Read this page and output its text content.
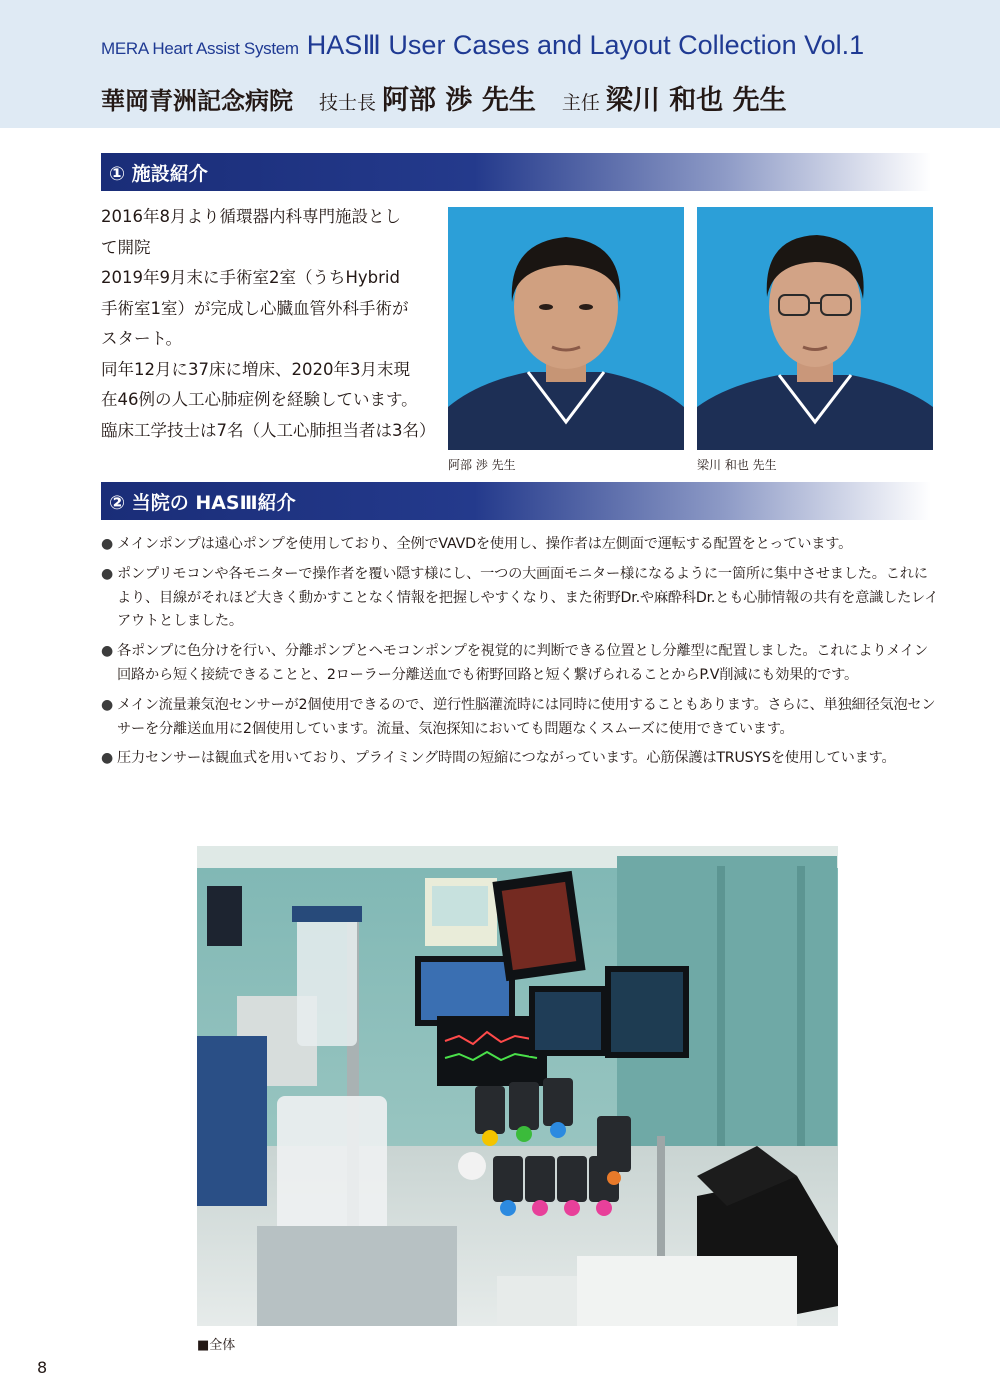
MERA Heart Assist System HASⅢ User Cases and Layout Collection Vol.1
華岡青洲記念病院 技士長 阿部 渉 先生 主任 梁川 和也 先生
① 施設紹介
2016年8月より循環器内科専門施設とし
て開院
2019年9月末に手術室2室（うちHybrid
手術室1室）が完成し心臓血管外科手術が
スタート。
同年12月に37床に増床、2020年3月末現
在46例の人工心肺症例を経験しています。
臨床工学技士は7名（人工心肺担当者は3名）
阿部 渉 先生	梁川 和也 先生
② 当院の HASⅢ紹介
● メインポンプは遠心ポンプを使用しており、全例でVAVDを使用し、操作者は左側面で運転する配置をとっています。
● ポンプリモコンや各モニターで操作者を覆い隠す様にし、一つの大画面モニター様になるように一箇所に集中させました。これにより、目線がそれほど大きく動かすことなく情報を把握しやすくなり、また術野Dr.や麻酔科Dr.とも心肺情報の共有を意識したレイアウトとしました。
● 各ポンプに色分けを行い、分離ポンプとヘモコンポンプを視覚的に判断できる位置とし分離型に配置しました。これによりメイン回路から短く接続できることと、2ローラー分離送血でも術野回路と短く繋げられることからP.V削減にも効果的です。
● メイン流量兼気泡センサーが2個使用できるので、逆行性脳灌流時には同時に使用することもあります。さらに、単独細径気泡センサーを分離送血用に2個使用しています。流量、気泡探知においても問題なくスムーズに使用できています。
● 圧力センサーは観血式を用いており、プライミング時間の短縮につながっています。心筋保護はTRUSYSを使用しています。
■全体
8
